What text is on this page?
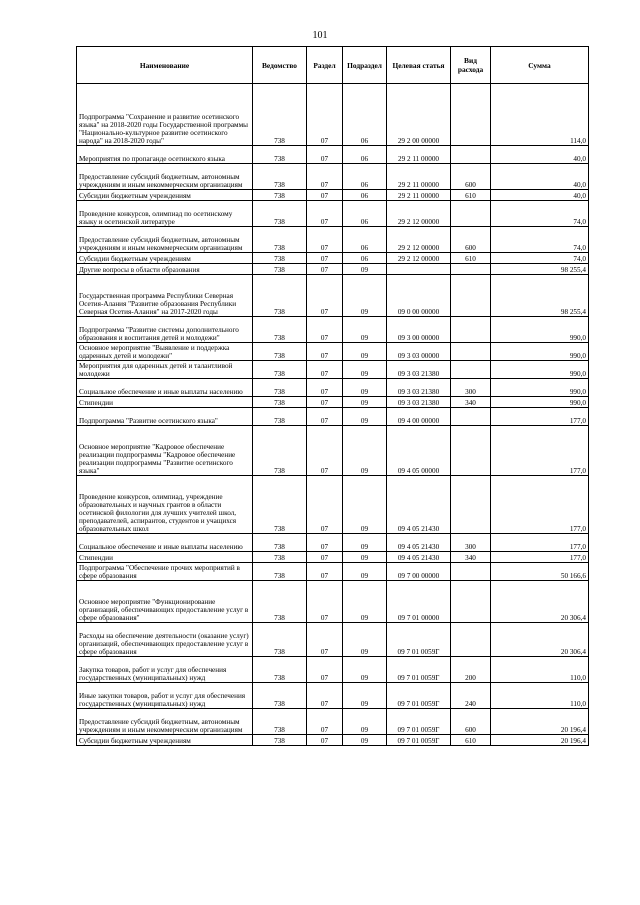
101
Наименование	Ведомство	Раздел	Подраздел	Целевая статья	Вид расхода	Сумма
Подпрограмма "Сохранение и развитие осетинского языка" на 2018-2020 годы Государственной программы "Национально-культурное развитие осетинского народа" на 2018-2020 годы"	738	07	06	29 2 00 00000		114,0
Мероприятия по пропаганде осетинского языка	738	07	06	29 2 11 00000		40,0
Предоставление субсидий бюджетным, автономным учреждениям и иным некоммерческим организациям	738	07	06	29 2 11 00000	600	40,0
Субсидии бюджетным учреждениям	738	07	06	29 2 11 00000	610	40,0
Проведение конкурсов, олимпиад по осетинскому языку и осетинской литературе	738	07	06	29 2 12 00000		74,0
Предоставление субсидий бюджетным, автономным учреждениям и иным некоммерческим организациям	738	07	06	29 2 12 00000	600	74,0
Субсидии бюджетным учреждениям	738	07	06	29 2 12 00000	610	74,0
Другие вопросы в области образования	738	07	09			98 255,4
Государственная программа Республики Северная Осетия-Алания "Развитие образования Республики Северная Осетия-Алания" на 2017-2020 годы	738	07	09	09 0 00 00000		98 255,4
Подпрограмма "Развитие системы дополнительного образования и воспитания детей и молодежи"	738	07	09	09 3 00 00000		990,0
Основное мероприятие "Выявление и поддержка одаренных детей и молодежи"	738	07	09	09 3 03 00000		990,0
Мероприятия для одаренных детей и талантливой молодежи	738	07	09	09 3 03 21380		990,0
Социальное обеспечение и иные выплаты населению	738	07	09	09 3 03 21380	300	990,0
Стипендии	738	07	09	09 3 03 21380	340	990,0
Подпрограмма "Развитие осетинского языка"	738	07	09	09 4 00 00000		177,0
Основное мероприятие "Кадровое обеспечение реализации подпрограммы "Кадровое обеспечение реализации подпрограммы "Развитие осетинского языка"	738	07	09	09 4 05 00000		177,0
Проведение конкурсов, олимпиад, учреждение образовательных и научных грантов в области осетинской филологии для лучших учителей школ, преподавателей, аспирантов, студентов и учащихся образовательных школ	738	07	09	09 4 05 21430		177,0
Социальное обеспечение и иные выплаты населению	738	07	09	09 4 05 21430	300	177,0
Стипендии	738	07	09	09 4 05 21430	340	177,0
Подпрограмма "Обеспечение прочих мероприятий в сфере образования	738	07	09	09 7 00 00000		50 166,6
Основное мероприятие "Функционирование организаций, обеспечивающих предоставление услуг в сфере образования"	738	07	09	09 7 01 00000		20 306,4
Расходы на обеспечение деятельности (оказание услуг) организаций, обеспечивающих предоставление услуг в сфере образования	738	07	09	09 7 01 0059Г		20 306,4
Закупка товаров, работ и услуг для обеспечения государственных (муниципальных) нужд	738	07	09	09 7 01 0059Г	200	110,0
Иные закупки товаров, работ и услуг для обеспечения государственных (муниципальных) нужд	738	07	09	09 7 01 0059Г	240	110,0
Предоставление субсидий бюджетным, автономным учреждениям и иным некоммерческим организациям	738	07	09	09 7 01 0059Г	600	20 196,4
Субсидии бюджетным учреждениям	738	07	09	09 7 01 0059Г	610	20 196,4
